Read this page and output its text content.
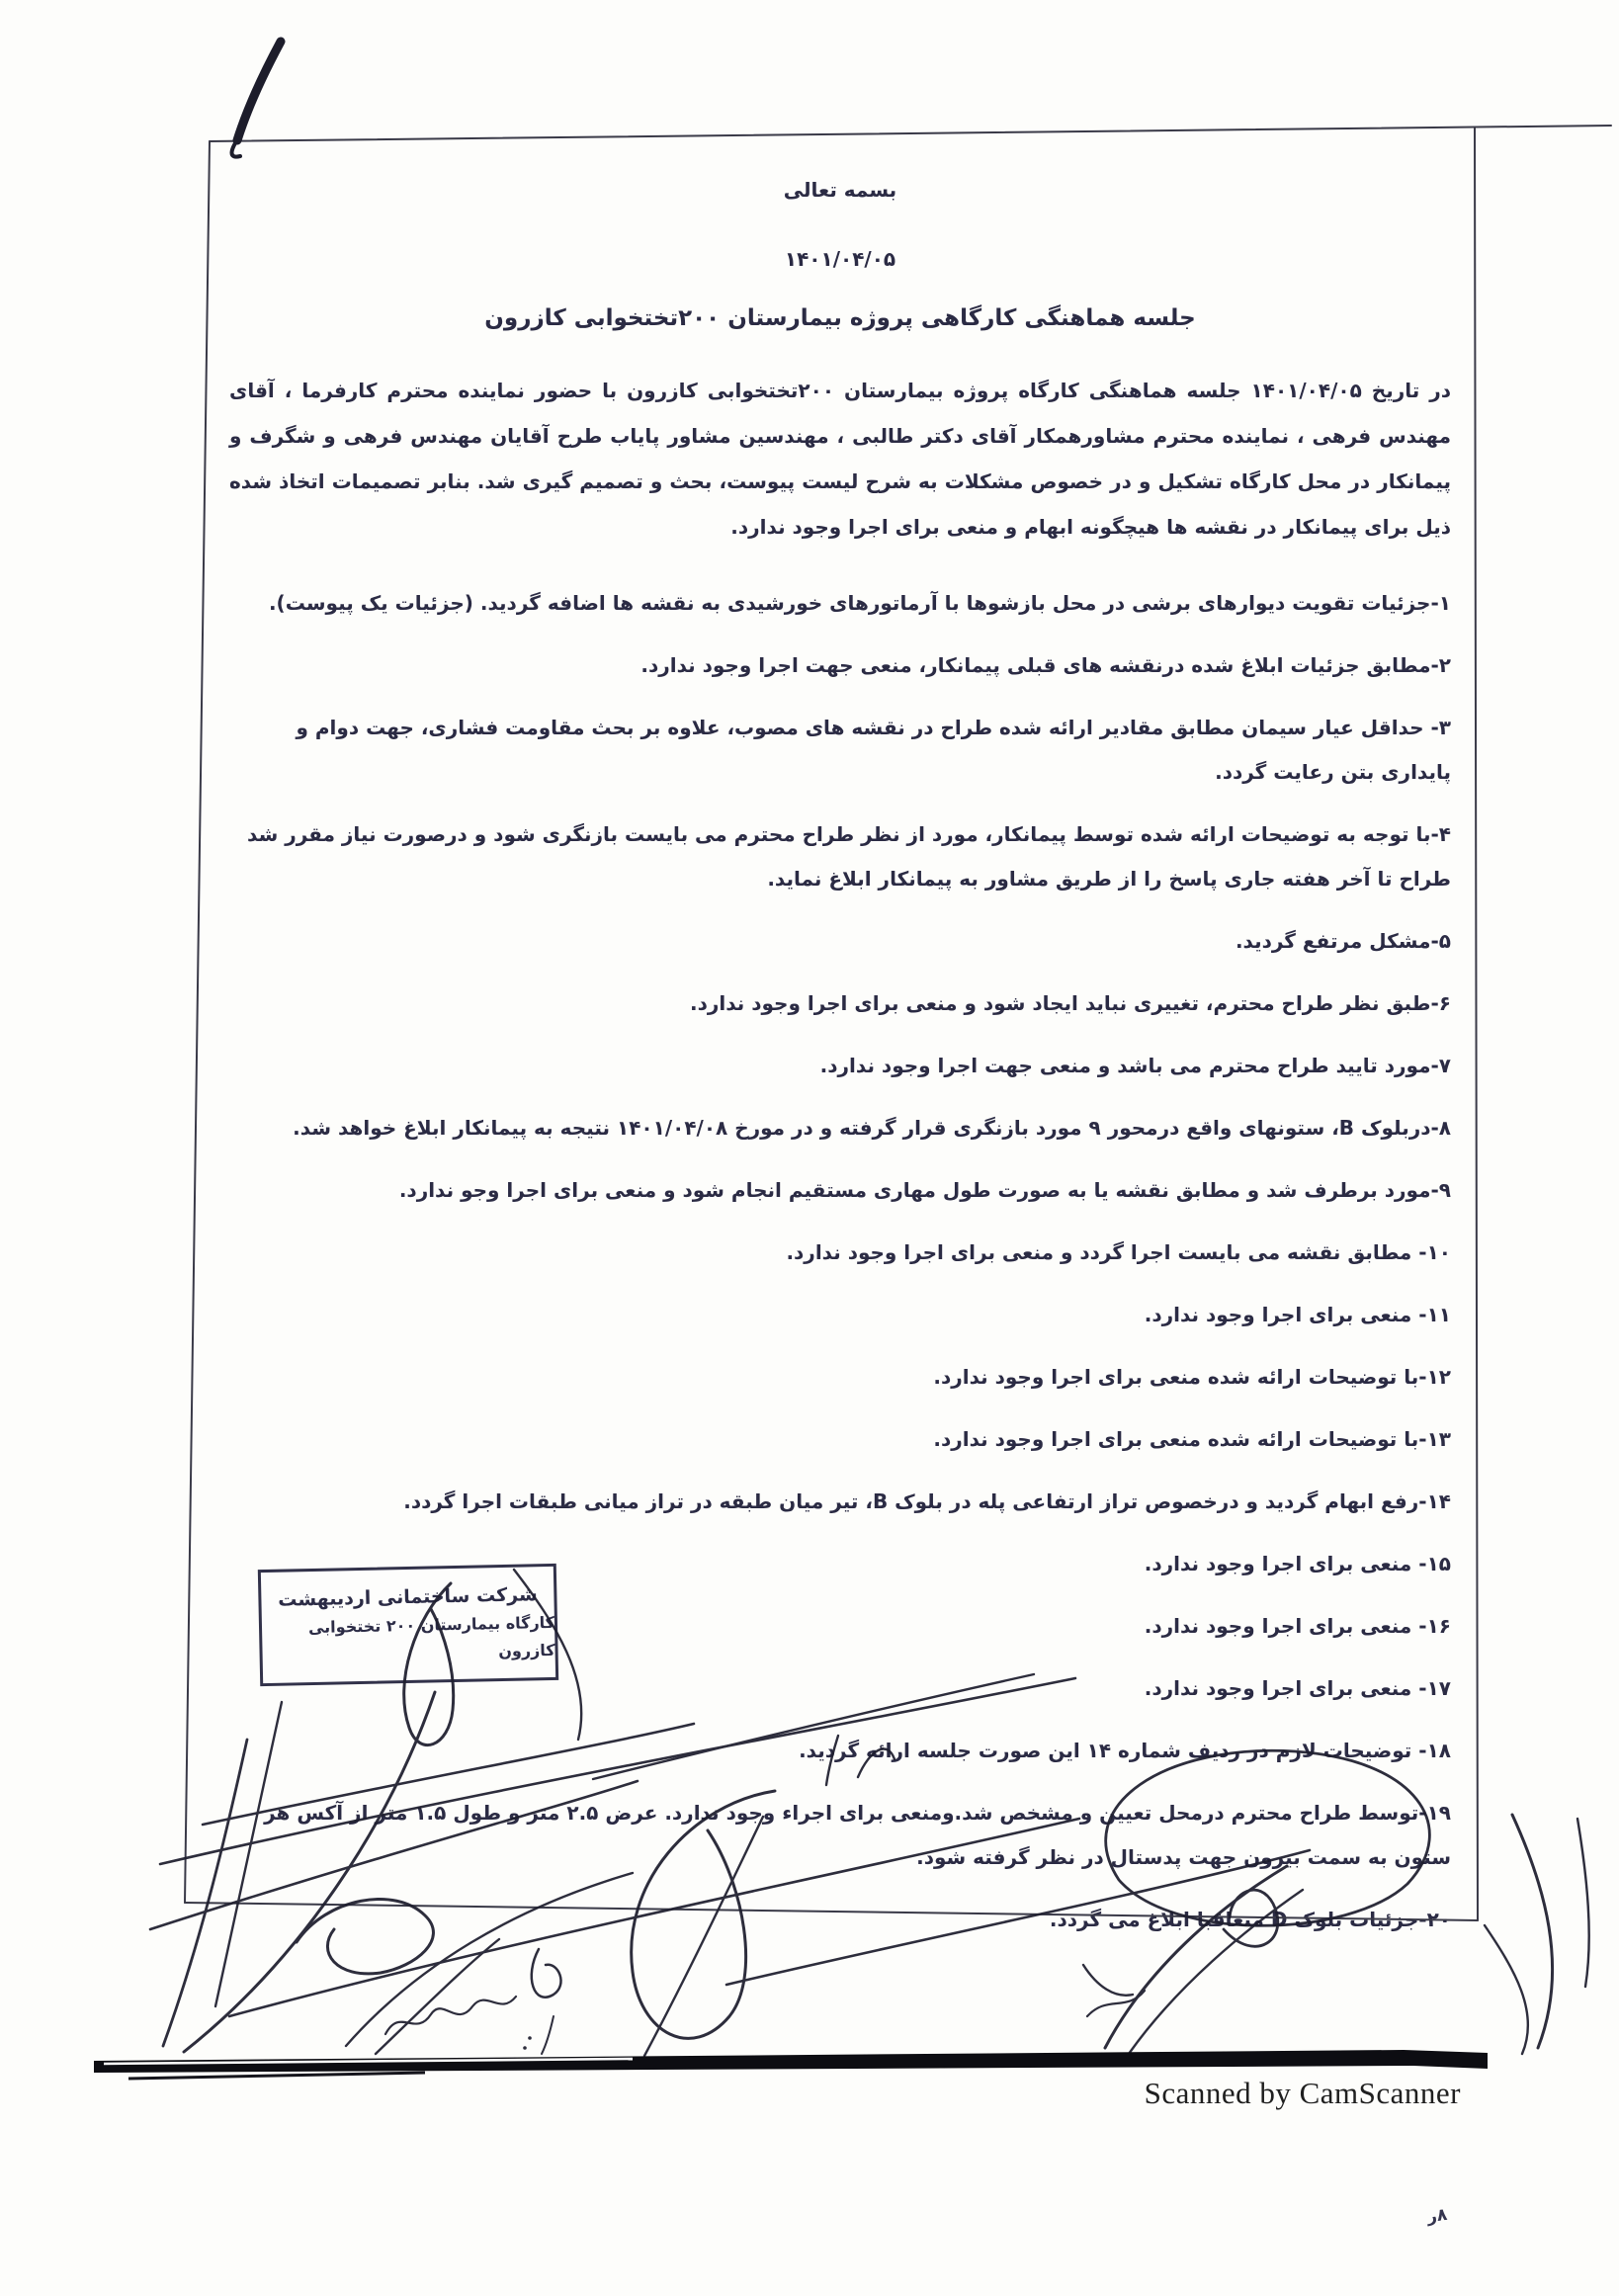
بسمه تعالی

۱۴۰۱/۰۴/۰۵

جلسه هماهنگی کارگاهی پروژه بیمارستان ۲۰۰تختخوابی کازرون

در تاریخ ۱۴۰۱/۰۴/۰۵ جلسه هماهنگی کارگاه پروژه بیمارستان ۲۰۰تختخوابی کازرون با حضور نماینده محترم کارفرما ، آقای مهندس فرهی ، نماینده محترم مشاورهمکار آقای دکتر طالبی ، مهندسین مشاور پایاب طرح آقایان مهندس فرهی و شگرف و پیمانکار در محل کارگاه تشکیل و در خصوص مشکلات به شرح لیست پیوست، بحث و تصمیم گیری شد. بنابر تصمیمات اتخاذ شده ذیل برای پیمانکار در نقشه ها هیچگونه ابهام و منعی برای اجرا وجود ندارد.

۱-جزئیات تقویت دیوارهای برشی در محل بازشوها با آرماتورهای خورشیدی به نقشه ها اضافه گردید. (جزئیات یک پیوست).

۲-مطابق جزئیات ابلاغ شده درنقشه های قبلی پیمانکار، منعی جهت اجرا وجود ندارد.

۳- حداقل عیار سیمان مطابق مقادیر ارائه شده طراح در نقشه های مصوب، علاوه بر بحث مقاومت فشاری، جهت دوام و پایداری بتن رعایت گردد.

۴-با توجه به توضیحات ارائه شده توسط پیمانکار، مورد از نظر طراح محترم می بایست بازنگری شود و درصورت نیاز مقرر شد طراح تا آخر هفته جاری پاسخ را از طریق مشاور به پیمانکار ابلاغ نماید.

۵-مشکل مرتفع گردید.

۶-طبق نظر طراح محترم، تغییری نباید ایجاد شود و منعی برای اجرا وجود ندارد.

۷-مورد تایید طراح محترم می باشد و منعی جهت اجرا وجود ندارد.

۸-دربلوک B، ستونهای واقع درمحور ۹ مورد بازنگری قرار گرفته و در مورخ ۱۴۰۱/۰۴/۰۸ نتیجه به پیمانکار ابلاغ خواهد شد.

۹-مورد برطرف شد و مطابق نقشه یا به صورت طول مهاری مستقیم انجام شود و منعی برای اجرا وجو ندارد.

۱۰- مطابق نقشه می بایست اجرا گردد و منعی برای اجرا وجود ندارد.

۱۱- منعی برای اجرا وجود ندارد.

۱۲-با توضیحات ارائه شده منعی برای اجرا وجود ندارد.

۱۳-با توضیحات ارائه شده منعی برای اجرا وجود ندارد.

۱۴-رفع ابهام گردید و درخصوص تراز ارتفاعی پله در بلوک B، تیر میان طبقه در تراز میانی طبقات اجرا گردد.

۱۵- منعی برای اجرا وجود ندارد.

۱۶- منعی برای اجرا وجود ندارد.

۱۷- منعی برای اجرا وجود ندارد.

۱۸- توضیحات لازم در ردیف شماره ۱۴ این صورت جلسه ارائه گردید.

۱۹-توسط طراح محترم درمحل تعیین و مشخص شد.ومنعی برای اجراء وجود ندارد. عرض ۲.۵ متر و طول ۱.۵ متر از آکس هر ستون به سمت بیرون جهت پدستال در نظر گرفته شود.

۲۰-جزئیات بلوک D متعاقبا ابلاغ می گردد.

شرکت ساختمانی اردیبهشت
کارگاه بیمارستان ۲۰۰ تختخوابی کازرون
Scanned by CamScanner
۸ر
